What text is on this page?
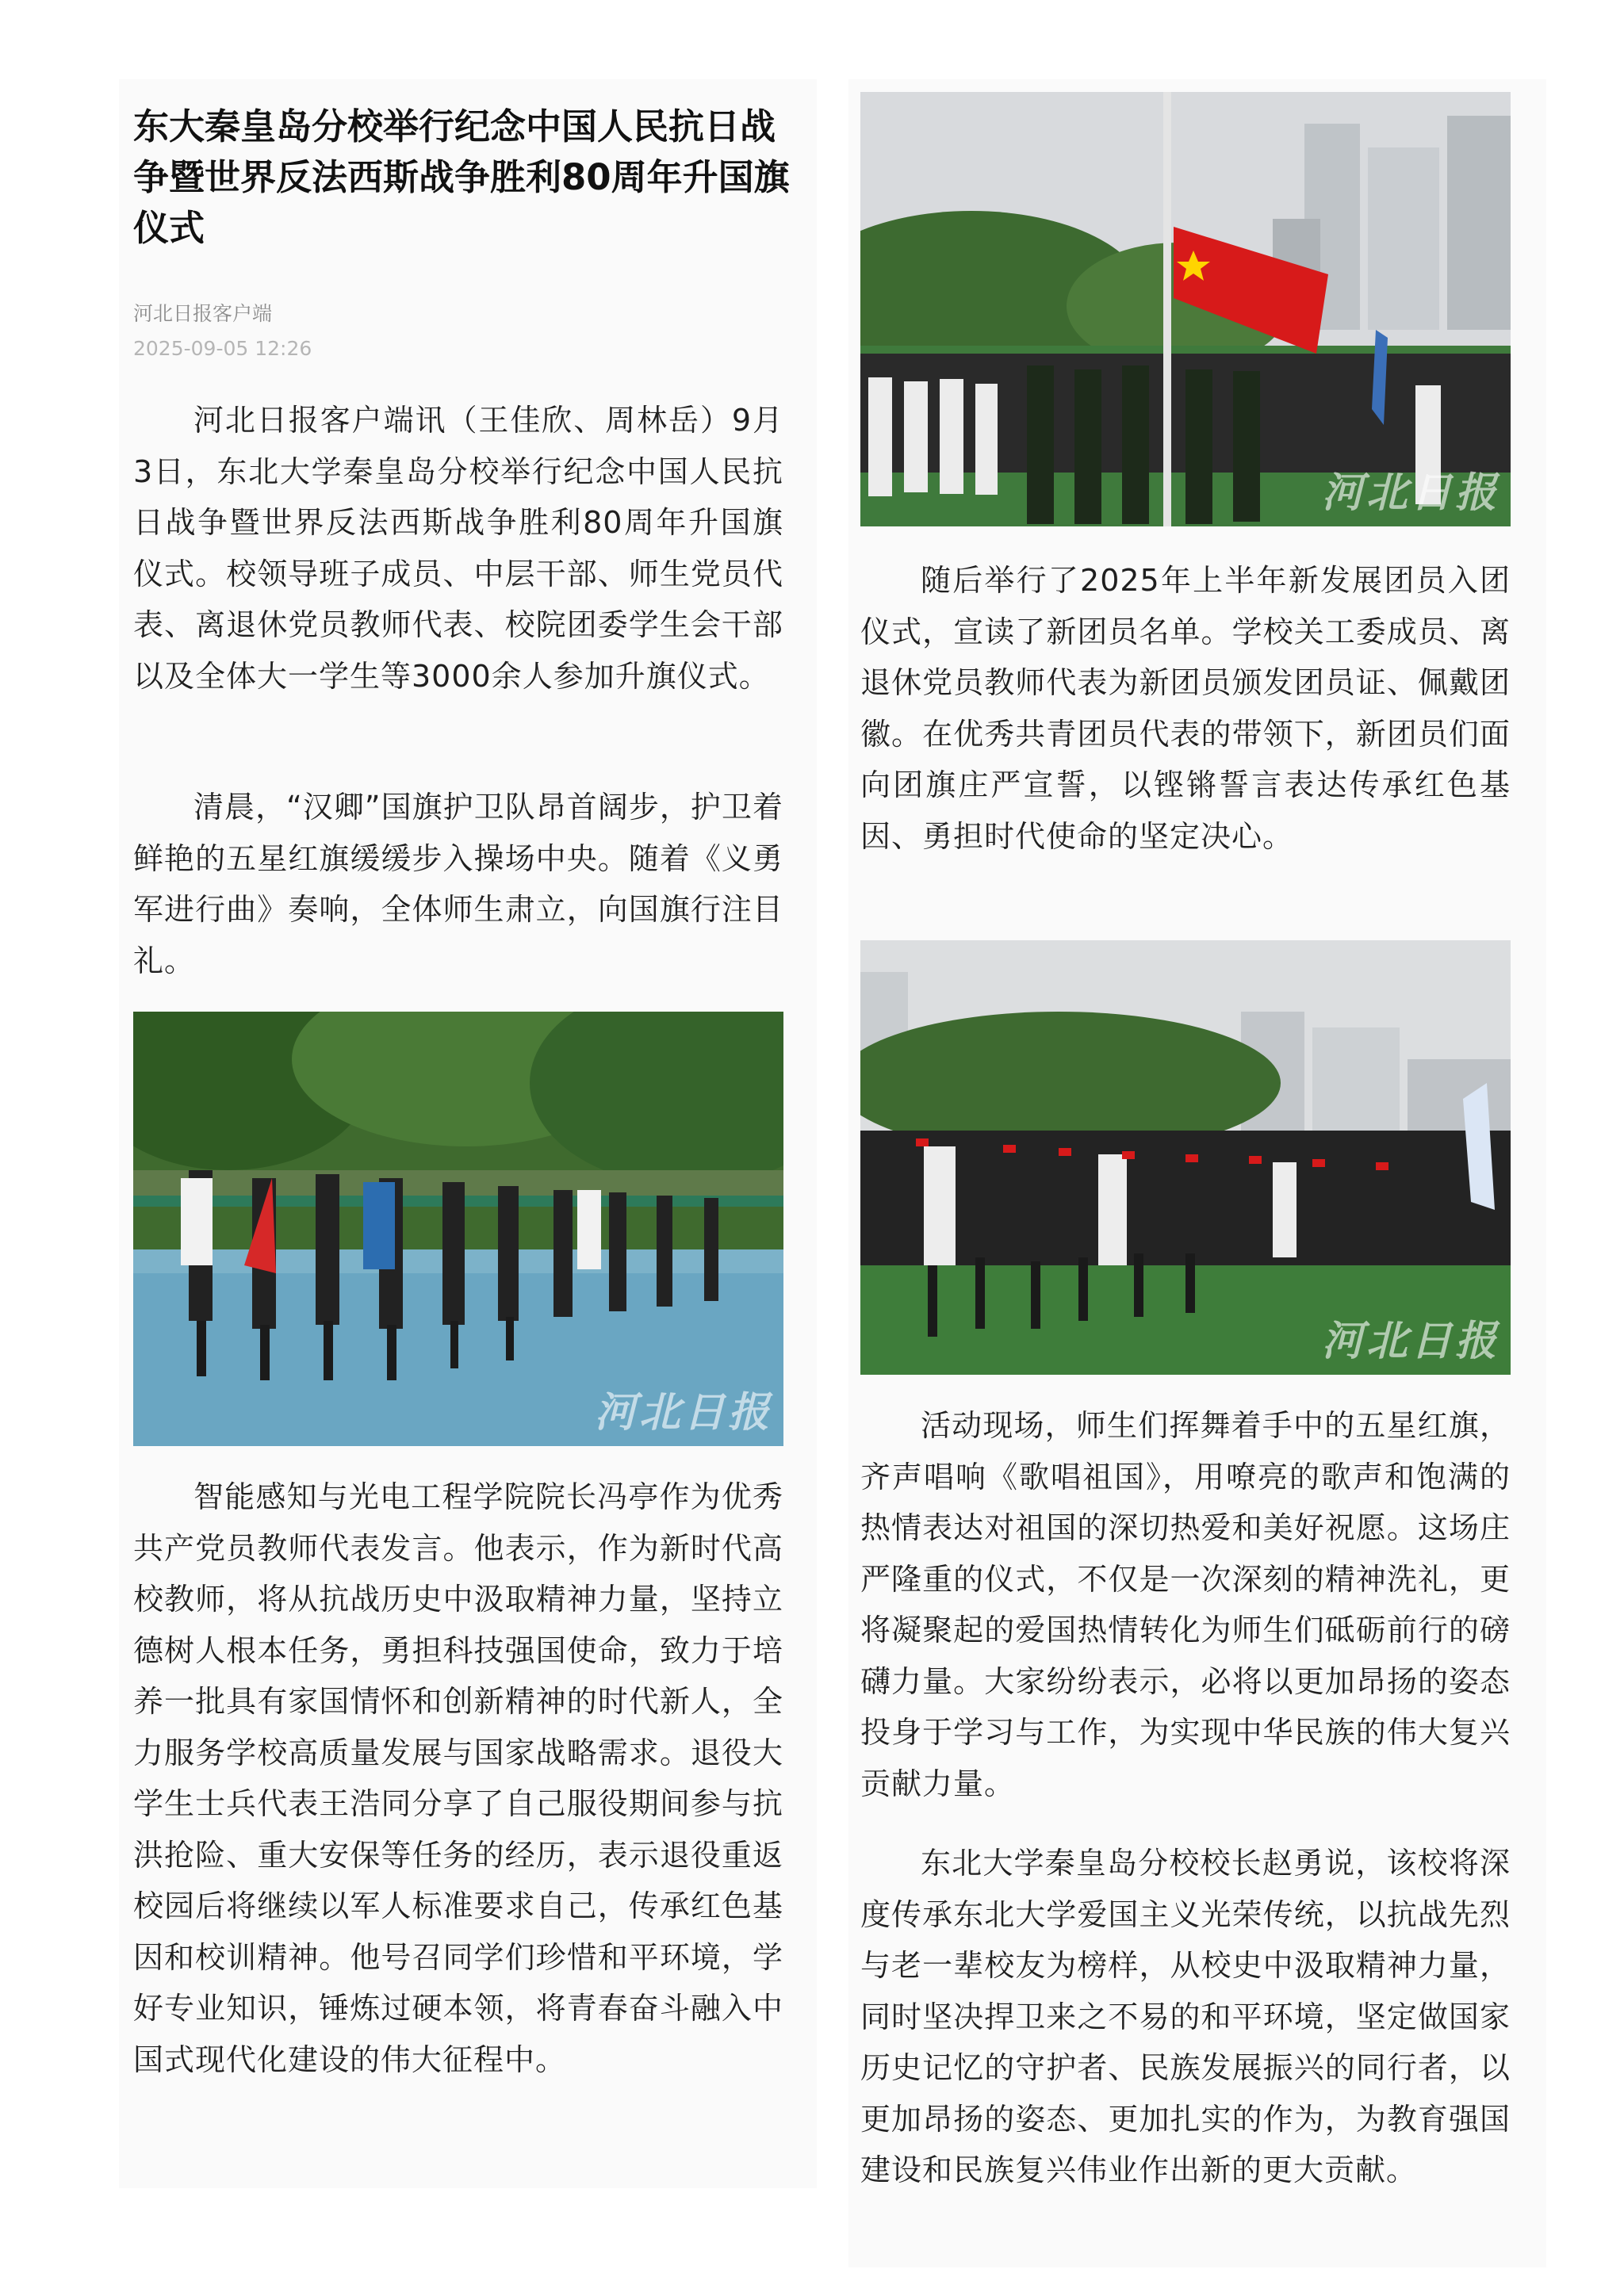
东大秦皇岛分校举行纪念中国人民抗日战争暨世界反法西斯战争胜利80周年升国旗仪式
河北日报客户端
2025-09-05 12:26

河北日报客户端讯（王佳欣、周林岳）9月3日，东北大学秦皇岛分校举行纪念中国人民抗日战争暨世界反法西斯战争胜利80周年升国旗仪式。校领导班子成员、中层干部、师生党员代表、离退休党员教师代表、校院团委学生会干部以及全体大一学生等3000余人参加升旗仪式。

清晨，“汉卿”国旗护卫队昂首阔步，护卫着鲜艳的五星红旗缓缓步入操场中央。随着《义勇军进行曲》奏响，全体师生肃立，向国旗行注目礼。

河北日报

智能感知与光电工程学院院长冯亭作为优秀共产党员教师代表发言。他表示，作为新时代高校教师，将从抗战历史中汲取精神力量，坚持立德树人根本任务，勇担科技强国使命，致力于培养一批具有家国情怀和创新精神的时代新人，全力服务学校高质量发展与国家战略需求。退役大学生士兵代表王浩同分享了自己服役期间参与抗洪抢险、重大安保等任务的经历，表示退役重返校园后将继续以军人标准要求自己，传承红色基因和校训精神。他号召同学们珍惜和平环境，学好专业知识，锤炼过硬本领，将青春奋斗融入中国式现代化建设的伟大征程中。

河北日报

随后举行了2025年上半年新发展团员入团仪式，宣读了新团员名单。学校关工委成员、离退休党员教师代表为新团员颁发团员证、佩戴团徽。在优秀共青团员代表的带领下，新团员们面向团旗庄严宣誓，以铿锵誓言表达传承红色基因、勇担时代使命的坚定决心。

河北日报

活动现场，师生们挥舞着手中的五星红旗，齐声唱响《歌唱祖国》，用嘹亮的歌声和饱满的热情表达对祖国的深切热爱和美好祝愿。这场庄严隆重的仪式，不仅是一次深刻的精神洗礼，更将凝聚起的爱国热情转化为师生们砥砺前行的磅礴力量。大家纷纷表示，必将以更加昂扬的姿态投身于学习与工作，为实现中华民族的伟大复兴贡献力量。

东北大学秦皇岛分校校长赵勇说，该校将深度传承东北大学爱国主义光荣传统，以抗战先烈与老一辈校友为榜样，从校史中汲取精神力量，同时坚决捍卫来之不易的和平环境，坚定做国家历史记忆的守护者、民族发展振兴的同行者，以更加昂扬的姿态、更加扎实的作为，为教育强国建设和民族复兴伟业作出新的更大贡献。
